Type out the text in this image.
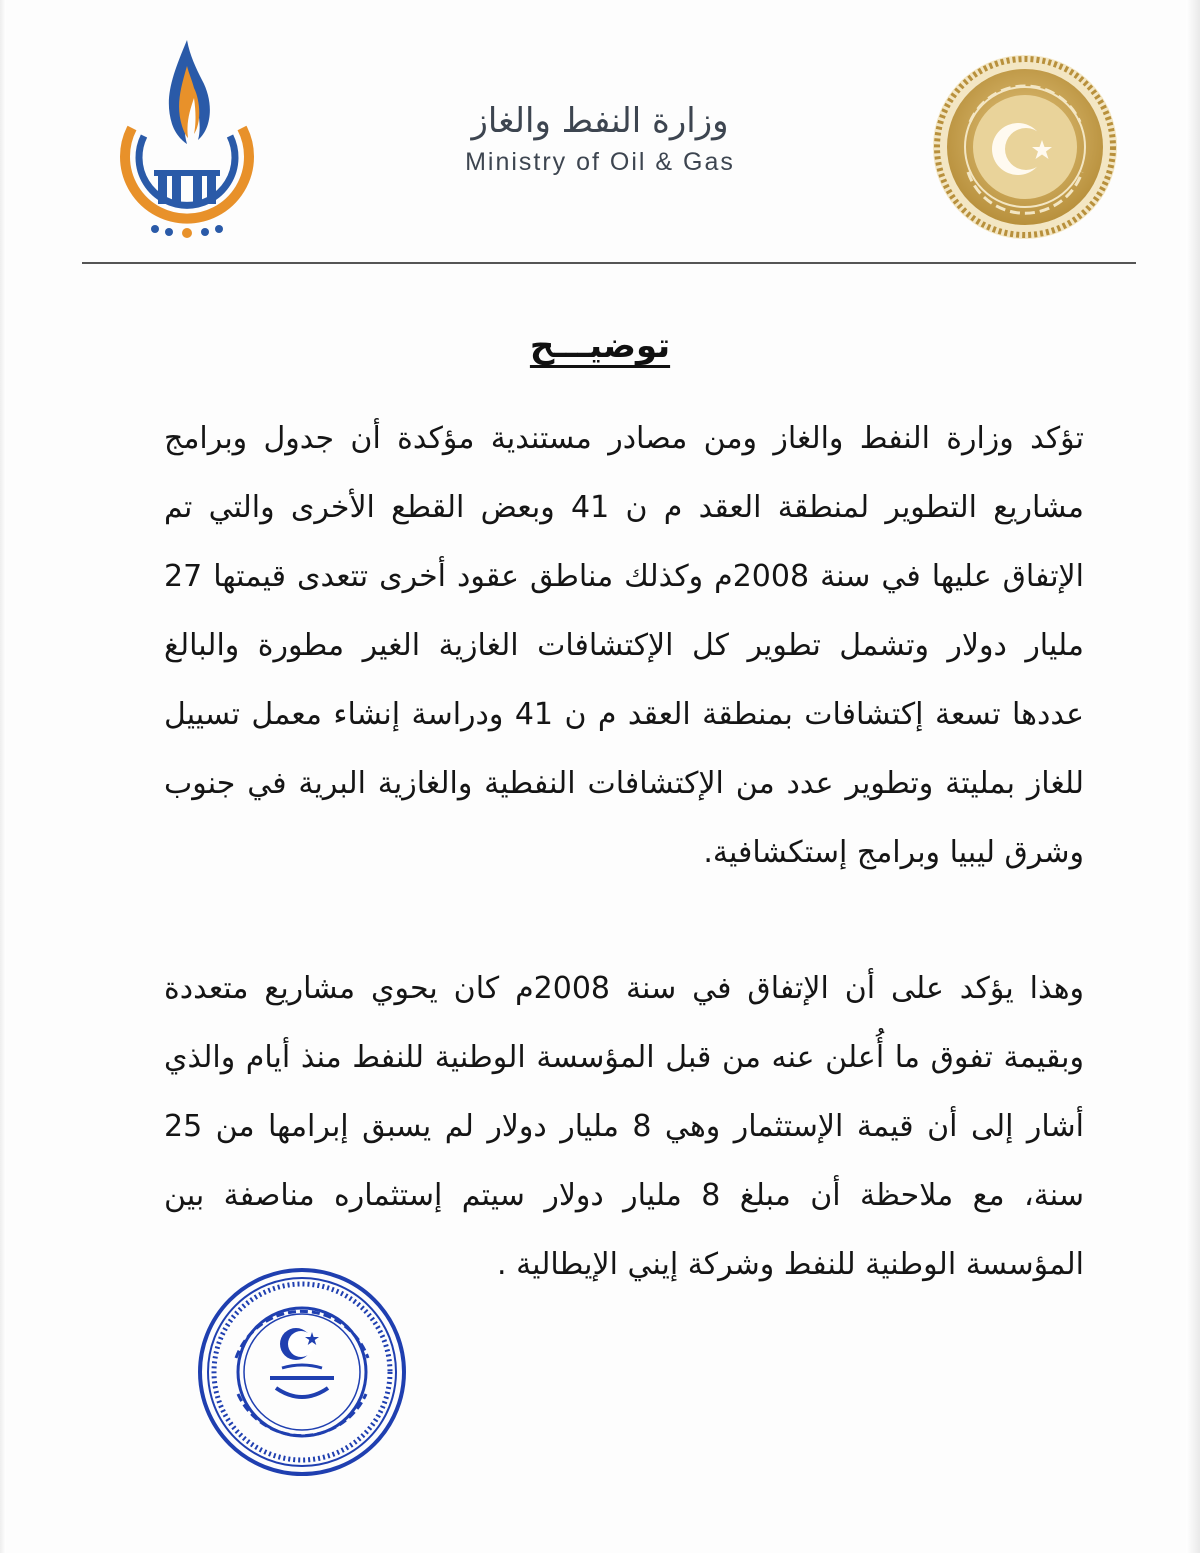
وزارة النفط والغاز
Ministry of Oil & Gas
توضيـــح
تؤكد وزارة النفط والغاز ومن مصادر مستندية مؤكدة أن جدول وبرامج مشاريع التطوير لمنطقة العقد م ن 41 وبعض القطع الأخرى والتي تم الإتفاق عليها في سنة 2008م وكذلك مناطق عقود أخرى تتعدى قيمتها 27 مليار دولار وتشمل تطوير كل الإكتشافات الغازية الغير مطورة والبالغ عددها تسعة إكتشافات بمنطقة العقد م ن 41 ودراسة إنشاء معمل تسييل للغاز بمليتة وتطوير عدد من الإكتشافات النفطية والغازية البرية في جنوب وشرق ليبيا وبرامج إستكشافية.
وهذا يؤكد على أن الإتفاق في سنة 2008م كان يحوي مشاريع متعددة وبقيمة تفوق ما أُعلن عنه من قبل المؤسسة الوطنية للنفط منذ أيام والذي أشار إلى أن قيمة الإستثمار وهي 8 مليار دولار لم يسبق إبرامها من 25 سنة، مع ملاحظة أن مبلغ 8 مليار دولار سيتم إستثماره مناصفة بين المؤسسة الوطنية للنفط وشركة إيني الإيطالية .
